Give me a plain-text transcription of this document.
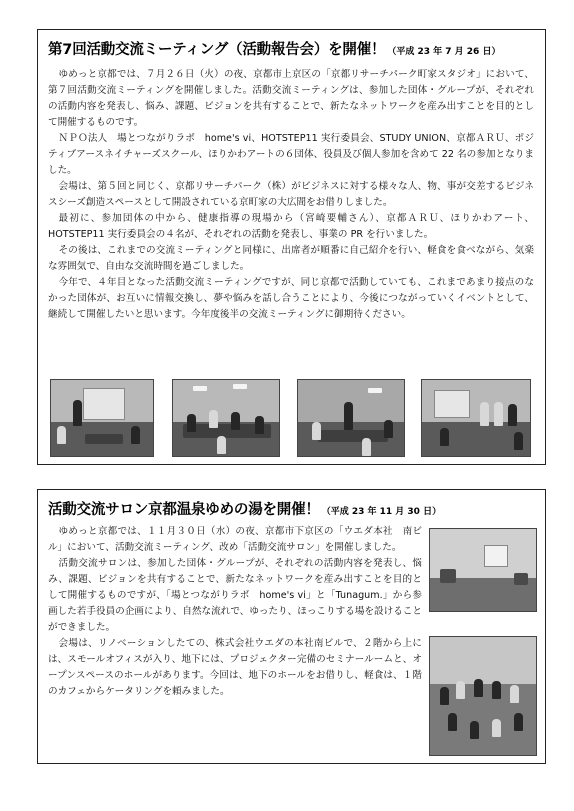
第7回活動交流ミーティング（活動報告会）を開催！ （平成 23 年 7 月 26 日）

ゆめっと京都では、７月２６日（火）の夜、京都市上京区の「京都リサーチパーク町家スタジオ」において、第７回活動交流ミーティングを開催しました。活動交流ミーティングは、参加した団体・グループが、それぞれの活動内容を発表し、悩み、課題、ビジョンを共有することで、新たなネットワークを産み出すことを目的として開催するものです。

ＮＰＯ法人　場とつながりラボ　home's vi、HOTSTEP11 実行委員会、STUDY UNION、京都ＡＲＵ、ポジティブアースネイチャーズスクール、ほりかわアートの６団体、役員及び個人参加を含めて 22 名の参加となりました。

会場は、第５回と同じく、京都リサーチパーク（株）がビジネスに対する様々な人、物、事が交差するビジネスシーズ創造スペースとして開設されている京町家の大広間をお借りしました。

最初に、参加団体の中から、健康指導の現場から（宮崎要輔さん）、京都ＡＲＵ、ほりかわアート、HOTSTEP11 実行委員会の４名が、それぞれの活動を発表し、事業の PR を行いました。

その後は、これまでの交流ミーティングと同様に、出席者が順番に自己紹介を行い、軽食を食べながら、気楽な雰囲気で、自由な交流時間を過ごしました。

今年で、４年目となった活動交流ミーティングですが、同じ京都で活動していても、これまであまり接点のなかった団体が、お互いに情報交換し、夢や悩みを話し合うことにより、今後につながっていくイベントとして、継続して開催したいと思います。今年度後半の交流ミーティングに御期待ください。

活動交流サロン京都温泉ゆめの湯を開催！ （平成 23 年 11 月 30 日）

ゆめっと京都では、１１月３０日（水）の夜、京都市下京区の「ウエダ本社　南ビル」において、活動交流ミーティング、改め「活動交流サロン」を開催しました。

活動交流サロンは、参加した団体・グループが、それぞれの活動内容を発表し、悩み、課題、ビジョンを共有することで、新たなネットワークを産み出すことを目的として開催するものですが、「場とつながりラボ　home's vi」と「Tunagum.」から参画した若手役員の企画により、自然な流れで、ゆったり、ほっこりする場を設けることができました。

会場は、リノベーションしたての、株式会社ウエダの本社南ビルで、２階から上には、スモールオフィスが入り、地下には、プロジェクター完備のセミナールームと、オープンスペースのホールがあります。今回は、地下のホールをお借りし、軽食は、１階のカフェからケータリングを頼みました。
